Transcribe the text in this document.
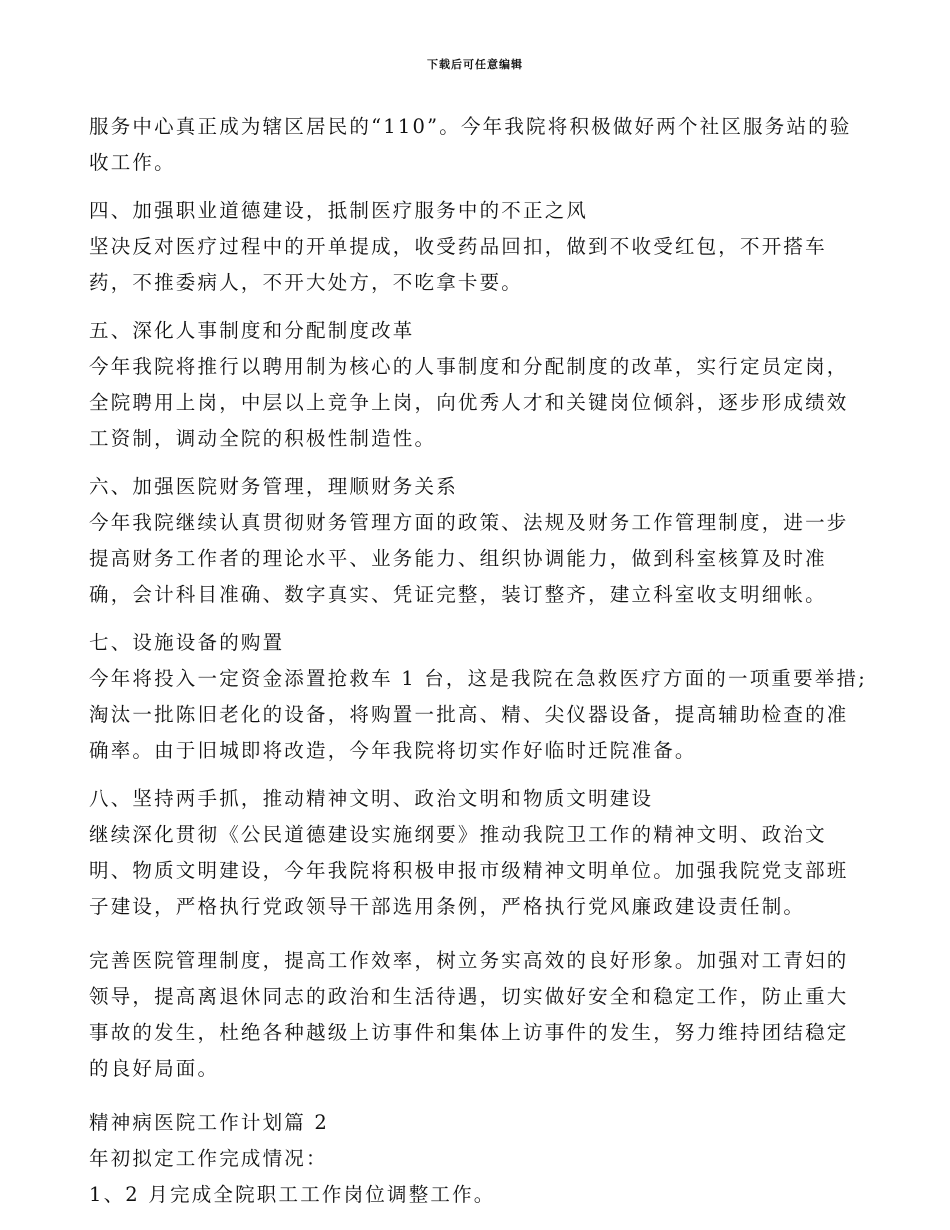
下载后可任意编辑

服务中心真正成为辖区居民的“110”。今年我院将积极做好两个社区服务站的验
收工作。

四、加强职业道德建设，抵制医疗服务中的不正之风
坚决反对医疗过程中的开单提成，收受药品回扣，做到不收受红包，不开搭车
药，不推委病人，不开大处方，不吃拿卡要。

五、深化人事制度和分配制度改革
今年我院将推行以聘用制为核心的人事制度和分配制度的改革，实行定员定岗，
全院聘用上岗，中层以上竞争上岗，向优秀人才和关键岗位倾斜，逐步形成绩效
工资制，调动全院的积极性制造性。

六、加强医院财务管理，理顺财务关系
今年我院继续认真贯彻财务管理方面的政策、法规及财务工作管理制度，进一步
提高财务工作者的理论水平、业务能力、组织协调能力，做到科室核算及时准
确，会计科目准确、数字真实、凭证完整，装订整齐，建立科室收支明细帐。

七、设施设备的购置
今年将投入一定资金添置抢救车 1 台，这是我院在急救医疗方面的一项重要举措;
淘汰一批陈旧老化的设备，将购置一批高、精、尖仪器设备，提高辅助检查的准
确率。由于旧城即将改造，今年我院将切实作好临时迁院准备。

八、坚持两手抓，推动精神文明、政治文明和物质文明建设
继续深化贯彻《公民道德建设实施纲要》推动我院卫工作的精神文明、政治文
明、物质文明建设，今年我院将积极申报市级精神文明单位。加强我院党支部班
子建设，严格执行党政领导干部选用条例，严格执行党风廉政建设责任制。

完善医院管理制度，提高工作效率，树立务实高效的良好形象。加强对工青妇的
领导，提高离退休同志的政治和生活待遇，切实做好安全和稳定工作，防止重大
事故的发生，杜绝各种越级上访事件和集体上访事件的发生，努力维持团结稳定
的良好局面。

精神病医院工作计划篇 2
年初拟定工作完成情况：
1、2 月完成全院职工工作岗位调整工作。
